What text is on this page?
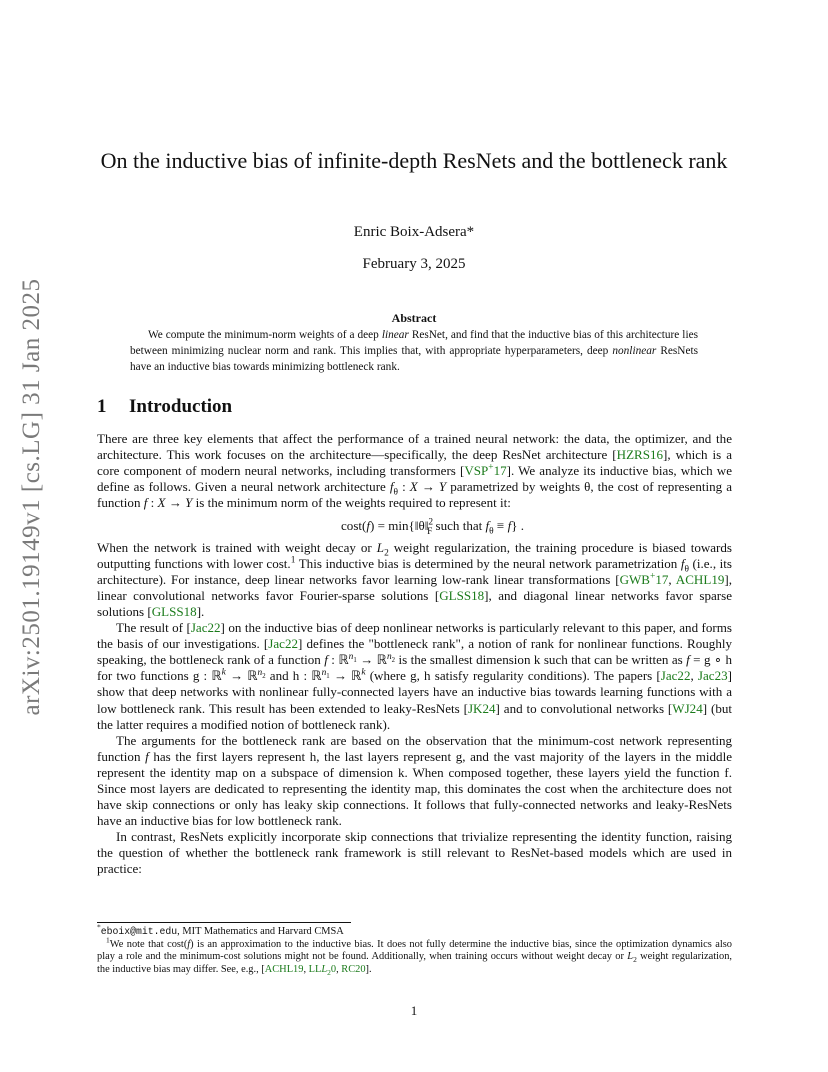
arXiv:2501.19149v1 [cs.LG] 31 Jan 2025
On the inductive bias of infinite-depth ResNets and the bottleneck rank
Enric Boix-Adsera*
February 3, 2025
Abstract
We compute the minimum-norm weights of a deep linear ResNet, and find that the inductive bias of this architecture lies between minimizing nuclear norm and rank. This implies that, with appropriate hyperparameters, deep nonlinear ResNets have an inductive bias towards minimizing bottleneck rank.
1 Introduction

There are three key elements that affect the performance of a trained neural network: the data, the optimizer, and the architecture. This work focuses on the architecture—specifically, the deep ResNet architecture [HZRS16], which is a core component of modern neural networks, including transformers [VSP+17]. We analyze its inductive bias, which we define as follows. Given a neural network architecture $f_\theta$ : X → Y parametrized by weights θ, the cost of representing a function f : X → Y is the minimum norm of the weights required to represent it:

cost(f) = min{‖θ‖$^2_F$ such that $f_\theta \equiv f$} .

When the network is trained with weight decay or $L_2$ weight regularization, the training procedure is biased towards outputting functions with lower cost.$^1$ This inductive bias is determined by the neural network parametrization $f_\theta$ (i.e., its architecture). For instance, deep linear networks favor learning low-rank linear transformations [GWB+17, ACHL19], linear convolutional networks favor Fourier-sparse solutions [GLSS18], and diagonal linear networks favor sparse solutions [GLSS18].

The result of [Jac22] on the inductive bias of deep nonlinear networks is particularly relevant to this paper, and forms the basis of our investigations. [Jac22] defines the "bottleneck rank", a notion of rank for nonlinear functions. Roughly speaking, the bottleneck rank of a function f : ℝ$^{n_1}$ → ℝ$^{n_2}$ is the smallest dimension k such that can be written as f = g ∘ h for two functions g : ℝ$^k$ → ℝ$^{n_2}$ and h : ℝ$^{n_1}$ → ℝ$^k$ (where g, h satisfy regularity conditions). The papers [Jac22, Jac23] show that deep networks with nonlinear fully-connected layers have an inductive bias towards learning functions with a low bottleneck rank. This result has been extended to leaky-ResNets [JK24] and to convolutional networks [WJ24] (but the latter requires a modified notion of bottleneck rank).

The arguments for the bottleneck rank are based on the observation that the minimum-cost network representing function f has the first layers represent h, the last layers represent g, and the vast majority of the layers in the middle represent the identity map on a subspace of dimension k. When composed together, these layers yield the function f. Since most layers are dedicated to representing the identity map, this dominates the cost when the architecture does not have skip connections or only has leaky skip connections. It follows that fully-connected networks and leaky-ResNets have an inductive bias for low bottleneck rank.

In contrast, ResNets explicitly incorporate skip connections that trivialize representing the identity function, raising the question of whether the bottleneck rank framework is still relevant to ResNet-based models which are used in practice:

*eboix@mit.edu, MIT Mathematics and Harvard CMSA
$^1$We note that cost(f) is an approximation to the inductive bias. It does not fully determine the inductive bias, since the optimization dynamics also play a role and the minimum-cost solutions might not be found. Additionally, when training occurs without weight decay or $L_2$ weight regularization, the inductive bias may differ. See, e.g., [ACHL19, $LLL_20$, RC20].
1
